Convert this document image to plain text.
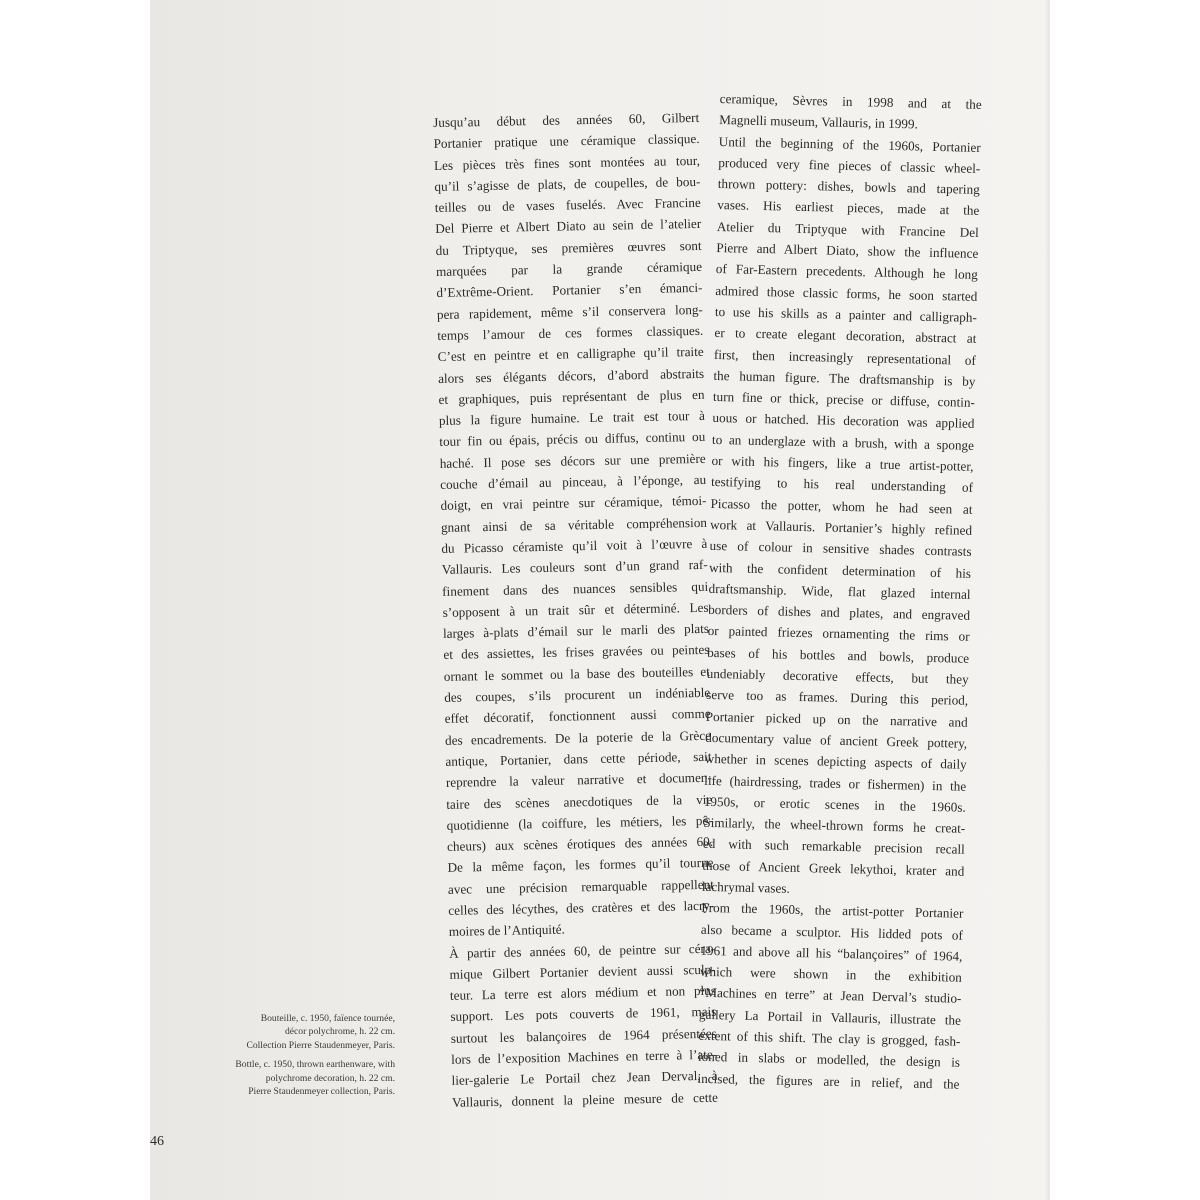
Jusqu’au début des années 60, Gilbert

Portanier pratique une céramique classique.

Les pièces très fines sont montées au tour,

qu’il s’agisse de plats, de coupelles, de bou-

teilles ou de vases fuselés. Avec Francine

Del Pierre et Albert Diato au sein de l’atelier

du Triptyque, ses premières œuvres sont

marquées par la grande céramique

d’Extrême-Orient. Portanier s’en émanci-

pera rapidement, même s’il conservera long-

temps l’amour de ces formes classiques.

C’est en peintre et en calligraphe qu’il traite

alors ses élégants décors, d’abord abstraits

et graphiques, puis représentant de plus en

plus la figure humaine. Le trait est tour à

tour fin ou épais, précis ou diffus, continu ou

haché. Il pose ses décors sur une première

couche d’émail au pinceau, à l’éponge, au

doigt, en vrai peintre sur céramique, témoi-

gnant ainsi de sa véritable compréhension

du Picasso céramiste qu’il voit à l’œuvre à

Vallauris. Les couleurs sont d’un grand raf-

finement dans des nuances sensibles qui

s’opposent à un trait sûr et déterminé. Les

larges à-plats d’émail sur le marli des plats

et des assiettes, les frises gravées ou peintes

ornant le sommet ou la base des bouteilles et

des coupes, s’ils procurent un indéniable

effet décoratif, fonctionnent aussi comme

des encadrements. De la poterie de la Grèce

antique, Portanier, dans cette période, sait

reprendre la valeur narrative et documen-

taire des scènes anecdotiques de la vie

quotidienne (la coiffure, les métiers, les pê-

cheurs) aux scènes érotiques des années 60.

De la même façon, les formes qu’il tourne

avec une précision remarquable rappellent

celles des lécythes, des cratères et des lacry-

moires de l’Antiquité.

À partir des années 60, de peintre sur céra-

mique Gilbert Portanier devient aussi sculp-

teur. La terre est alors médium et non plus

support. Les pots couverts de 1961, mais

surtout les balançoires de 1964 présentées

lors de l’exposition Machines en terre à l’ate-

lier-galerie Le Portail chez Jean Derval, à

Vallauris, donnent la pleine mesure de cette

ceramique, Sèvres in 1998 and at the

Magnelli museum, Vallauris, in 1999.

Until the beginning of the 1960s, Portanier

produced very fine pieces of classic wheel-

thrown pottery: dishes, bowls and tapering

vases. His earliest pieces, made at the

Atelier du Triptyque with Francine Del

Pierre and Albert Diato, show the influence

of Far-Eastern precedents. Although he long

admired those classic forms, he soon started

to use his skills as a painter and calligraph-

er to create elegant decoration, abstract at

first, then increasingly representational of

the human figure. The draftsmanship is by

turn fine or thick, precise or diffuse, contin-

uous or hatched. His decoration was applied

to an underglaze with a brush, with a sponge

or with his fingers, like a true artist-potter,

testifying to his real understanding of

Picasso the potter, whom he had seen at

work at Vallauris. Portanier’s highly refined

use of colour in sensitive shades contrasts

with the confident determination of his

draftsmanship. Wide, flat glazed internal

borders of dishes and plates, and engraved

or painted friezes ornamenting the rims or

bases of his bottles and bowls, produce

undeniably decorative effects, but they

serve too as frames. During this period,

Portanier picked up on the narrative and

documentary value of ancient Greek pottery,

whether in scenes depicting aspects of daily

life (hairdressing, trades or fishermen) in the

1950s, or erotic scenes in the 1960s.

Similarly, the wheel-thrown forms he creat-

ed with such remarkable precision recall

those of Ancient Greek lekythoi, krater and

lachrymal vases.

From the 1960s, the artist-potter Portanier

also became a sculptor. His lidded pots of

1961 and above all his “balançoires” of 1964,

which were shown in the exhibition

“Machines en terre” at Jean Derval’s studio-

gallery La Portail in Vallauris, illustrate the

extent of this shift. The clay is grogged, fash-

ioned in slabs or modelled, the design is

incised, the figures are in relief, and the

Bouteille, c. 1950, faïence tournée,

décor polychrome, h. 22 cm.

Collection Pierre Staudenmeyer, Paris.

Bottle, c. 1950, thrown earthenware, with

polychrome decoration, h. 22 cm.

Pierre Staudenmeyer collection, Paris.

46
